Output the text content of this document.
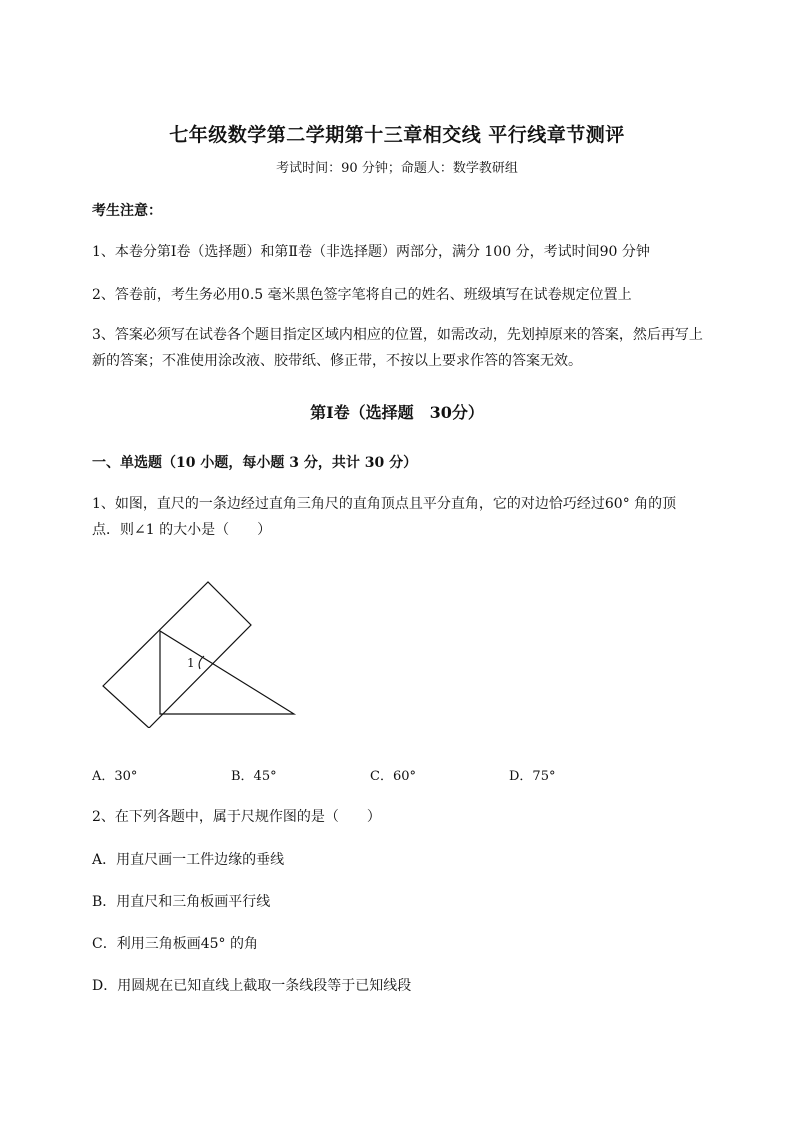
七年级数学第二学期第十三章相交线 平行线章节测评
考试时间：90 分钟；命题人：数学教研组
考生注意：
1、本卷分第Ⅰ卷（选择题）和第Ⅱ卷（非选择题）两部分，满分 100 分，考试时间90 分钟
2、答卷前，考生务必用0.5 毫米黑色签字笔将自己的姓名、班级填写在试卷规定位置上
3、答案必须写在试卷各个题目指定区域内相应的位置，如需改动，先划掉原来的答案，然后再写上新的答案；不准使用涂改液、胶带纸、修正带，不按以上要求作答的答案无效。
第Ⅰ卷（选择题　30分）
一、单选题（10 小题，每小题 3 分，共计 30 分）
1、如图，直尺的一条边经过直角三角尺的直角顶点且平分直角，它的对边恰巧经过60° 角的顶
点．则∠1 的大小是（　　）
1
A．30°	B．45°	C．60°	D．75°
2、在下列各题中，属于尺规作图的是（　　）
A．用直尺画一工件边缘的垂线
B．用直尺和三角板画平行线
C．利用三角板画45° 的角
D．用圆规在已知直线上截取一条线段等于已知线段
